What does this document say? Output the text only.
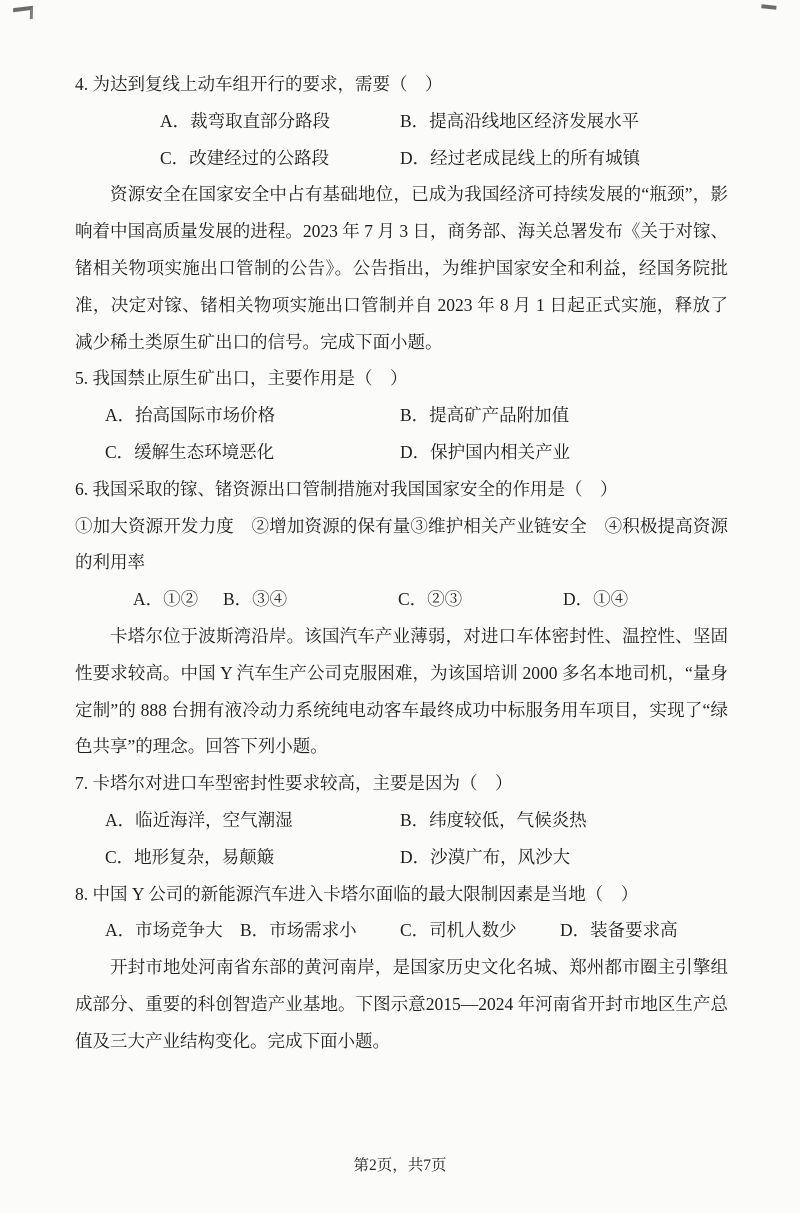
4. 为达到复线上动车组开行的要求，需要（　）
A．裁弯取直部分路段	B．提高沿线地区经济发展水平
C．改建经过的公路段	D．经过老成昆线上的所有城镇
资源安全在国家安全中占有基础地位，已成为我国经济可持续发展的“瓶颈”，影响着中国高质量发展的进程。2023 年 7 月 3 日，商务部、海关总署发布《关于对镓、锗相关物项实施出口管制的公告》。公告指出，为维护国家安全和利益，经国务院批准，决定对镓、锗相关物项实施出口管制并自 2023 年 8 月 1 日起正式实施，释放了减少稀土类原生矿出口的信号。完成下面小题。
5. 我国禁止原生矿出口，主要作用是（　）
A．抬高国际市场价格	B．提高矿产品附加值
C．缓解生态环境恶化	D．保护国内相关产业
6. 我国采取的镓、锗资源出口管制措施对我国国家安全的作用是（　）
①加大资源开发力度　②增加资源的保有量③维护相关产业链安全　④积极提高资源的利用率
A．①②	B．③④	C．②③	D．①④
卡塔尔位于波斯湾沿岸。该国汽车产业薄弱，对进口车体密封性、温控性、坚固性要求较高。中国 Y 汽车生产公司克服困难，为该国培训 2000 多名本地司机，“量身定制”的 888 台拥有液冷动力系统纯电动客车最终成功中标服务用车项目，实现了“绿色共享”的理念。回答下列小题。
7. 卡塔尔对进口车型密封性要求较高，主要是因为（　）
A．临近海洋，空气潮湿	B．纬度较低，气候炎热
C．地形复杂，易颠簸	D．沙漠广布，风沙大
8. 中国 Y 公司的新能源汽车进入卡塔尔面临的最大限制因素是当地（　）
A．市场竞争大 B．市场需求小	C．司机人数少	D．装备要求高
开封市地处河南省东部的黄河南岸，是国家历史文化名城、郑州都市圈主引擎组成部分、重要的科创智造产业基地。下图示意2015—2024 年河南省开封市地区生产总值及三大产业结构变化。完成下面小题。
第2页，共7页
